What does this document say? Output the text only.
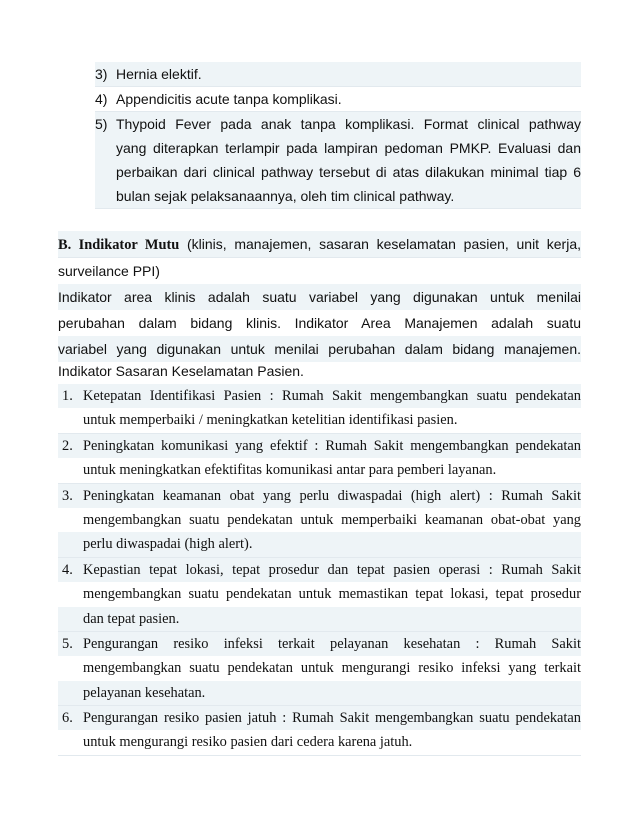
3) Hernia elektif.
4) Appendicitis acute tanpa komplikasi.
5) Thypoid Fever pada anak tanpa komplikasi. Format clinical pathway
yang diterapkan terlampir pada lampiran pedoman PMKP. Evaluasi dan
perbaikan dari clinical pathway tersebut di atas dilakukan minimal tiap 6
bulan sejak pelaksanaannya, oleh tim clinical pathway.
B. Indikator Mutu (klinis, manajemen, sasaran keselamatan pasien, unit kerja,
surveilance PPI)
Indikator area klinis adalah suatu variabel yang digunakan untuk menilai
perubahan dalam bidang klinis. Indikator Area Manajemen adalah suatu
variabel yang digunakan untuk menilai perubahan dalam bidang manajemen.
Indikator Sasaran Keselamatan Pasien.
1. Ketepatan Identifikasi Pasien : Rumah Sakit mengembangkan suatu pendekatan
untuk memperbaiki / meningkatkan ketelitian identifikasi pasien.
2. Peningkatan komunikasi yang efektif : Rumah Sakit mengembangkan pendekatan
untuk meningkatkan efektifitas komunikasi antar para pemberi layanan.
3. Peningkatan keamanan obat yang perlu diwaspadai (high alert) : Rumah Sakit
mengembangkan suatu pendekatan untuk memperbaiki keamanan obat-obat yang
perlu diwaspadai (high alert).
4. Kepastian tepat lokasi, tepat prosedur dan tepat pasien operasi : Rumah Sakit
mengembangkan suatu pendekatan untuk memastikan tepat lokasi, tepat prosedur
dan tepat pasien.
5. Pengurangan resiko infeksi terkait pelayanan kesehatan : Rumah Sakit
mengembangkan suatu pendekatan untuk mengurangi resiko infeksi yang terkait
pelayanan kesehatan.
6. Pengurangan resiko pasien jatuh : Rumah Sakit mengembangkan suatu pendekatan
untuk mengurangi resiko pasien dari cedera karena jatuh.
